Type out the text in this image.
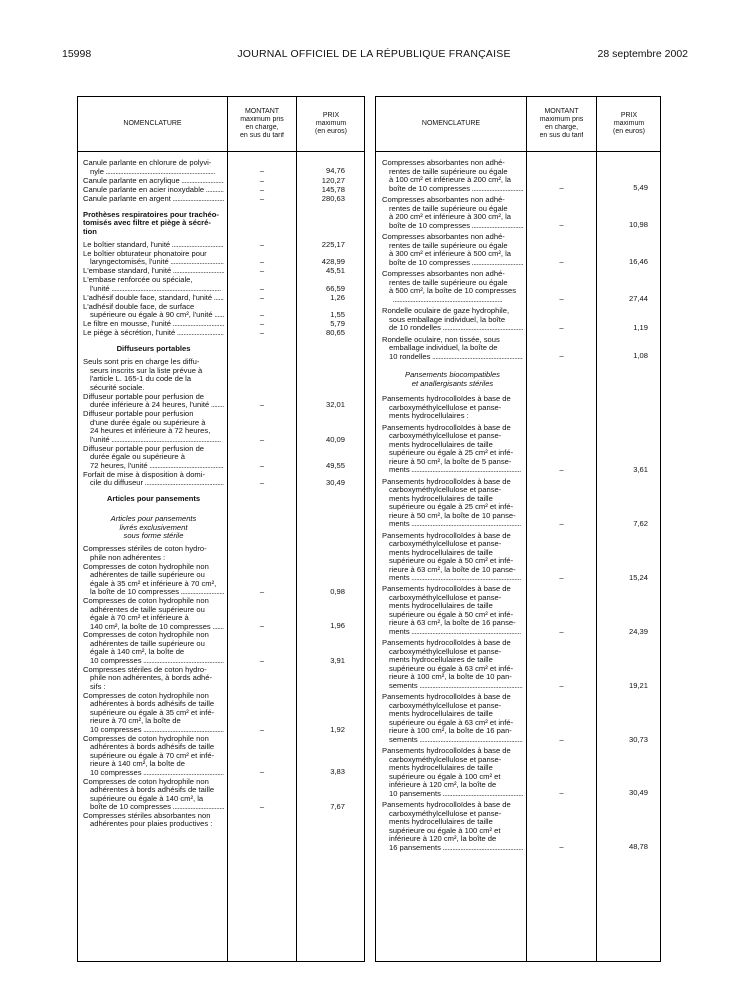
15998	JOURNAL OFFICIEL DE LA RÉPUBLIQUE FRANÇAISE	28 septembre 2002
NOMENCLATURE
MONTANT
maximum pris
en charge,
en sus du tarif
PRIX
maximum
(en euros)
Canule parlante en chlorure de polyvi-
nyle .....	–	94,76
Canule parlante en acrylique .....	–	120,27
Canule parlante en acier inoxydable .....	–	145,78
Canule parlante en argent .....	–	280,63
Prothèses respiratoires pour trachéo-
tomisés avec filtre et piège à sécré-
tion
Le boîtier standard, l'unité .....	–	225,17
Le boîtier obturateur phonatoire pour
laryngectomisés, l'unité .....	–	428,99
L'embase standard, l'unité .....	–	45,51
L'embase renforcée ou spéciale,
l'unité .....	–	66,59
L'adhésif double face, standard, l'unité .....	–	1,26
L'adhésif double face, de surface
supérieure ou égale à 90 cm², l'unité .....	–	1,55
Le filtre en mousse, l'unité .....	–	5,79
Le piège à sécrétion, l'unité .....	–	80,65
Diffuseurs portables
Seuls sont pris en charge les diffu-
seurs inscrits sur la liste prévue à
l'article L. 165-1 du code de la
sécurité sociale.
Diffuseur portable pour perfusion de
durée inférieure à 24 heures, l'unité .....	–	32,01
Diffuseur portable pour perfusion
d'une durée égale ou supérieure à
24 heures et inférieure à 72 heures,
l'unité .....	–	40,09
Diffuseur portable pour perfusion de
durée égale ou supérieure à
72 heures, l'unité .....	–	49,55
Forfait de mise à disposition à domi-
cile du diffuseur .....	–	30,49
Articles pour pansements
Articles pour pansements
livrés exclusivement
sous forme stérile
Compresses stériles de coton hydro-
phile non adhérentes :
Compresses de coton hydrophile non
adhérentes de taille supérieure ou
égale à 35 cm² et inférieure à 70 cm²,
la boîte de 10 compresses .....	–	0,98
Compresses de coton hydrophile non
adhérentes de taille supérieure ou
égale à 70 cm² et inférieure à
140 cm², la boîte de 10 compresses .....	–	1,96
Compresses de coton hydrophile non
adhérentes de taille supérieure ou
égale à 140 cm², la boîte de
10 compresses .....	–	3,91
Compresses stériles de coton hydro-
phile non adhérentes, à bords adhé-
sifs :
Compresses de coton hydrophile non
adhérentes à bords adhésifs de taille
supérieure ou égale à 35 cm² et infé-
rieure à 70 cm², la boîte de
10 compresses .....	–	1,92
Compresses de coton hydrophile non
adhérentes à bords adhésifs de taille
supérieure ou égale à 70 cm² et infé-
rieure à 140 cm², la boîte de
10 compresses .....	–	3,83
Compresses de coton hydrophile non
adhérentes à bords adhésifs de taille
supérieure ou égale à 140 cm², la
boîte de 10 compresses .....	–	7,67
Compresses stériles absorbantes non
adhérentes pour plaies productives :
NOMENCLATURE
MONTANT
maximum pris
en charge,
en sus du tarif
PRIX
maximum
(en euros)
Compresses absorbantes non adhé-
rentes de taille supérieure ou égale
à 100 cm² et inférieure à 200 cm², la
boîte de 10 compresses .....	–	5,49
Compresses absorbantes non adhé-
rentes de taille supérieure ou égale
à 200 cm² et inférieure à 300 cm², la
boîte de 10 compresses .....	–	10,98
Compresses absorbantes non adhé-
rentes de taille supérieure ou égale
à 300 cm² et inférieure à 500 cm², la
boîte de 10 compresses .....	–	16,46
Compresses absorbantes non adhé-
rentes de taille supérieure ou égale
à 500 cm², la boîte de 10 compresses
.....
–	27,44
Rondelle oculaire de gaze hydrophile,
sous emballage individuel, la boîte
de 10 rondelles .....	–	1,19
Rondelle oculaire, non tissée, sous
emballage individuel, la boîte de
10 rondelles .....	–	1,08
Pansements biocompatibles
et anallergisants stériles
Pansements hydrocolloïdes à base de
carboxyméthylcellulose et panse-
ments hydrocellulaires :
Pansements hydrocolloïdes à base de
carboxyméthylcellulose et panse-
ments hydrocellulaires de taille
supérieure ou égale à 25 cm² et infé-
rieure à 50 cm², la boîte de 5 panse-
ments .....	–	3,61
Pansements hydrocolloïdes à base de
carboxyméthylcellulose et panse-
ments hydrocellulaires de taille
supérieure ou égale à 25 cm² et infé-
rieure à 50 cm², la boîte de 10 panse-
ments .....	–	7,62
Pansements hydrocolloïdes à base de
carboxyméthylcellulose et panse-
ments hydrocellulaires de taille
supérieure ou égale à 50 cm² et infé-
rieure à 63 cm², la boîte de 10 panse-
ments .....	–	15,24
Pansements hydrocolloïdes à base de
carboxyméthylcellulose et panse-
ments hydrocellulaires de taille
supérieure ou égale à 50 cm² et infé-
rieure à 63 cm², la boîte de 16 panse-
ments .....	–	24,39
Pansements hydrocolloïdes à base de
carboxyméthylcellulose et panse-
ments hydrocellulaires de taille
supérieure ou égale à 63 cm² et infé-
rieure à 100 cm², la boîte de 10 pan-
sements .....	–	19,21
Pansements hydrocolloïdes à base de
carboxyméthylcellulose et panse-
ments hydrocellulaires de taille
supérieure ou égale à 63 cm² et infé-
rieure à 100 cm², la boîte de 16 pan-
sements .....	–	30,73
Pansements hydrocolloïdes à base de
carboxyméthylcellulose et panse-
ments hydrocellulaires de taille
supérieure ou égale à 100 cm² et
inférieure à 120 cm², la boîte de
10 pansements .....	–	30,49
Pansements hydrocolloïdes à base de
carboxyméthylcellulose et panse-
ments hydrocellulaires de taille
supérieure ou égale à 100 cm² et
inférieure à 120 cm², la boîte de
16 pansements .....	–	48,78
